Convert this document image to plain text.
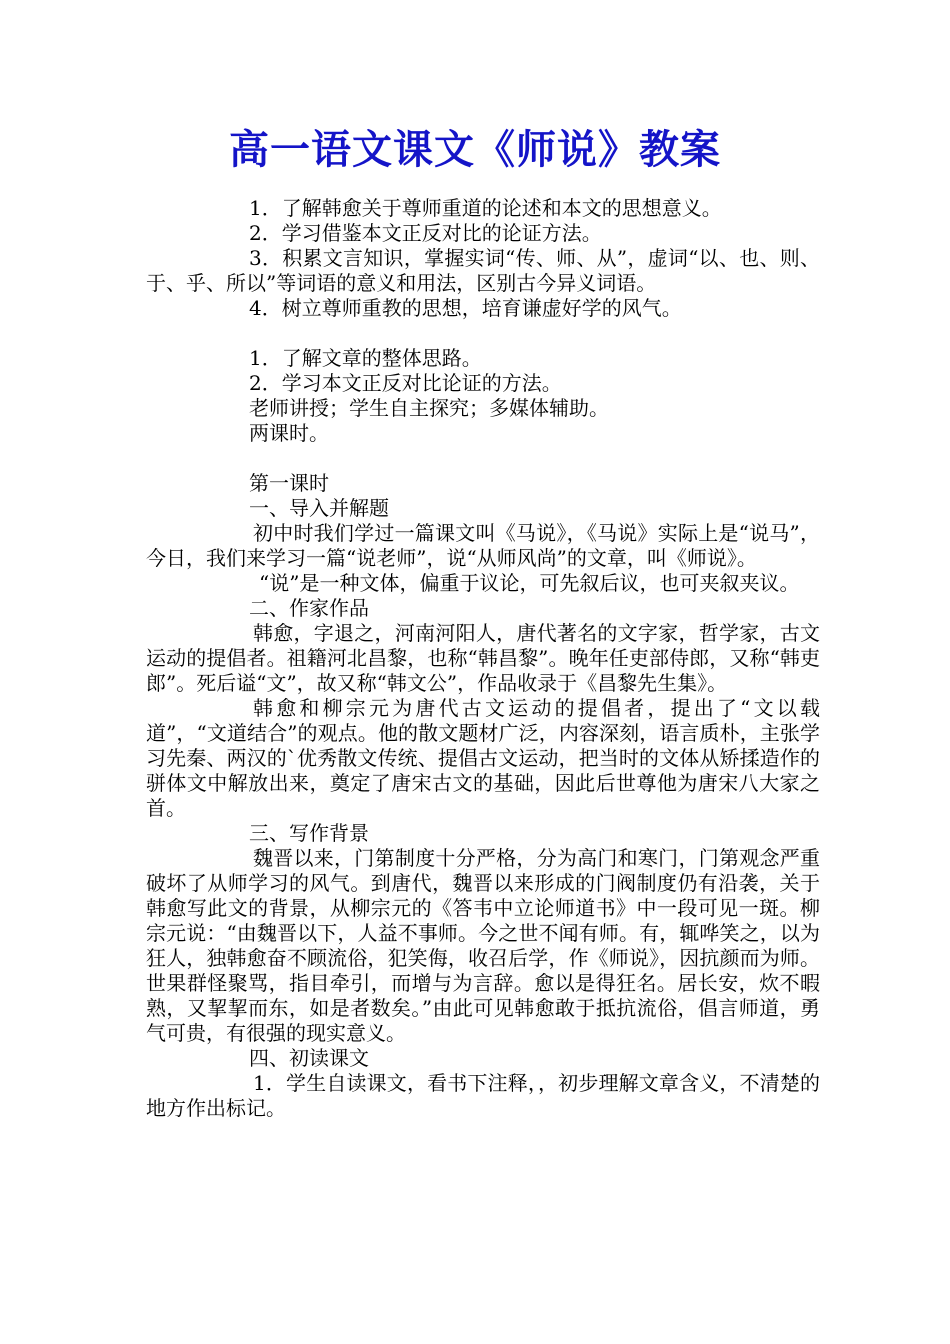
高一语文课文《师说》教案

1．了解韩愈关于尊师重道的论述和本文的思想意义。

2．学习借鉴本文正反对比的论证方法。

3．积累文言知识，掌握实词“传、师、从”，虚词“以、也、则、于、乎、所以”等词语的意义和用法，区别古今异义词语。

4．树立尊师重教的思想，培育谦虚好学的风气。

1．了解文章的整体思路。

2．学习本文正反对比论证的方法。

老师讲授；学生自主探究；多媒体辅助。

两课时。

第一课时

一、导入并解题

初中时我们学过一篇课文叫《马说》，《马说》实际上是“说马”，今日，我们来学习一篇“说老师”，说“从师风尚”的文章，叫《师说》。

“说”是一种文体，偏重于议论，可先叙后议，也可夹叙夹议。

二、作家作品

韩愈，字退之，河南河阳人，唐代著名的文字家，哲学家，古文运动的提倡者。祖籍河北昌黎，也称“韩昌黎”。晚年任吏部侍郎，又称“韩吏郎”。死后谥“文”，故又称“韩文公”，作品收录于《昌黎先生集》。

韩愈和柳宗元为唐代古文运动的提倡者，提出了“文以载道”，“文道结合”的观点。他的散文题材广泛，内容深刻，语言质朴，主张学习先秦、两汉的`优秀散文传统、提倡古文运动，把当时的文体从矫揉造作的骈体文中解放出来，奠定了唐宋古文的基础，因此后世尊他为唐宋八大家之首。

三、写作背景

魏晋以来，门第制度十分严格，分为高门和寒门，门第观念严重破坏了从师学习的风气。到唐代，魏晋以来形成的门阀制度仍有沿袭，关于韩愈写此文的背景，从柳宗元的《答韦中立论师道书》中一段可见一斑。柳宗元说：“由魏晋以下，人益不事师。今之世不闻有师。有，辄哗笑之，以为狂人，独韩愈奋不顾流俗，犯笑侮，收召后学，作《师说》，因抗颜而为师。世果群怪聚骂，指目牵引，而增与为言辞。愈以是得狂名。居长安，炊不暇熟，又挈挈而东，如是者数矣。”由此可见韩愈敢于抵抗流俗，倡言师道，勇气可贵，有很强的现实意义。

四、初读课文

1．学生自读课文，看书下注释，，初步理解文章含义，不清楚的地方作出标记。
